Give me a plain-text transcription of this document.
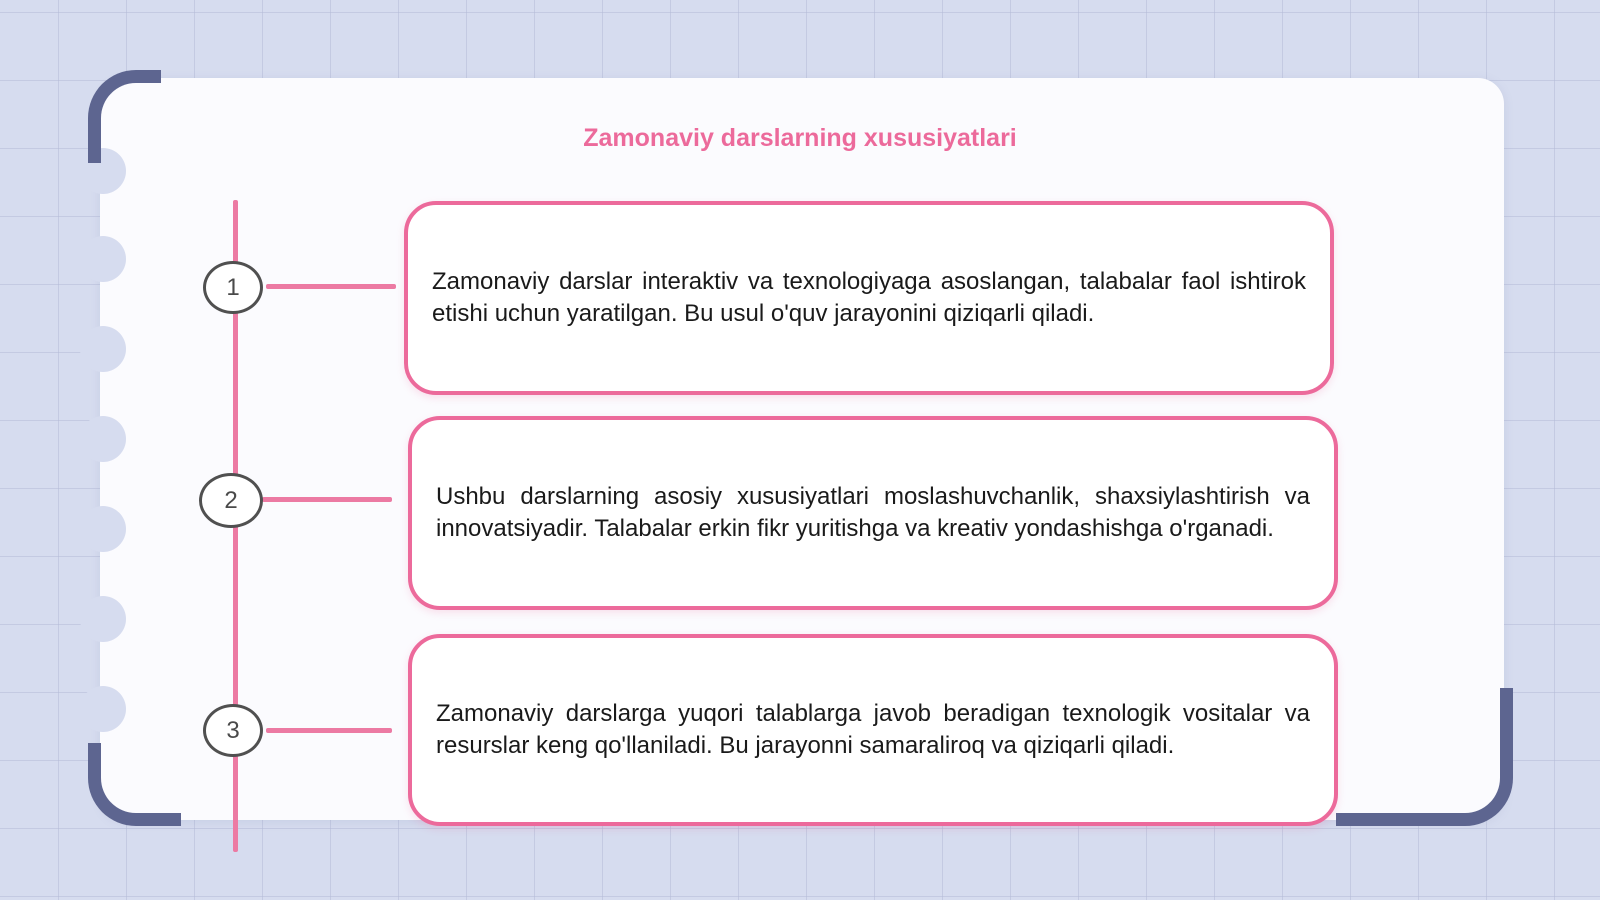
Zamonaviy darslarning xususiyatlari
1
2
3

Zamonaviy darslar interaktiv va texnologiyaga asoslangan, talabalar faol ishtirok etishi uchun yaratilgan. Bu usul o'quv jarayonini qiziqarli qiladi.

Ushbu darslarning asosiy xususiyatlari moslashuvchanlik, shaxsiylashtirish va innovatsiyadir. Talabalar erkin fikr yuritishga va kreativ yondashishga o'rganadi.

Zamonaviy darslarga yuqori talablarga javob beradigan texnologik vositalar va resurslar keng qo'llaniladi. Bu jarayonni samaraliroq va qiziqarli qiladi.
